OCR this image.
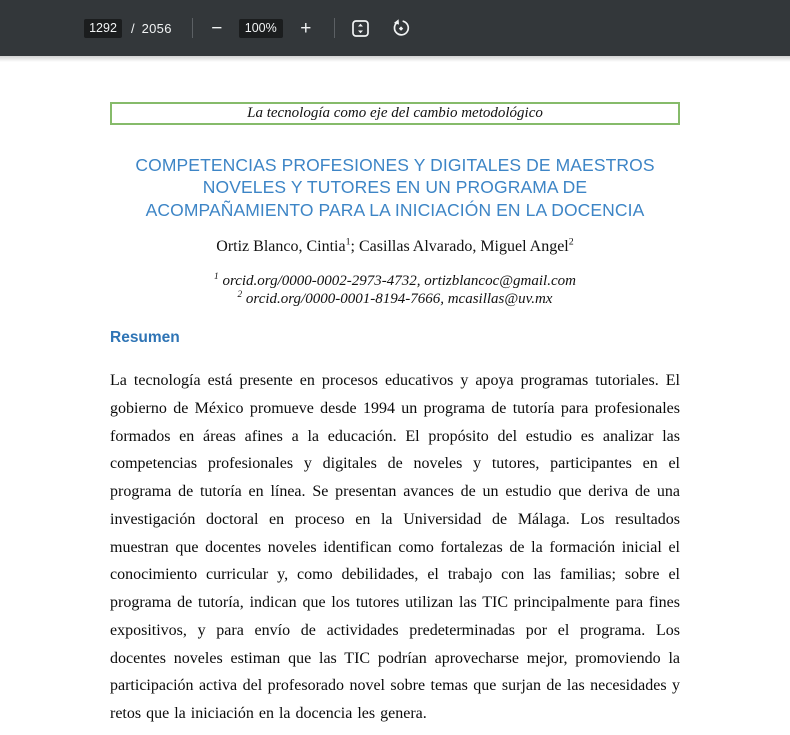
1292
/ 2056 −	100%	+
La tecnología como eje del cambio metodológico
COMPETENCIAS PROFESIONES Y DIGITALES DE MAESTROS
NOVELES Y TUTORES EN UN PROGRAMA DE
ACOMPAÑAMIENTO PARA LA INICIACIÓN EN LA DOCENCIA
Ortiz Blanco, Cintia$^1$; Casillas Alvarado, Miguel Angel$^2$
$^1$ orcid.org/0000-0002-2973-4732, ortizblancoc@gmail.com
$^2$ orcid.org/0000-0001-8194-7666, mcasillas@uv.mx
Resumen

La tecnología está presente en procesos educativos y apoya programas tutoriales. El gobierno de México promueve desde 1994 un programa de tutoría para profesionales formados en áreas afines a la educación. El propósito del estudio es analizar las competencias profesionales y digitales de noveles y tutores, participantes en el programa de tutoría en línea. Se presentan avances de un estudio que deriva de una investigación doctoral en proceso en la Universidad de Málaga. Los resultados muestran que docentes noveles identifican como fortalezas de la formación inicial el conocimiento curricular y, como debilidades, el trabajo con las familias; sobre el programa de tutoría, indican que los tutores utilizan las TIC principalmente para fines expositivos, y para envío de actividades predeterminadas por el programa. Los docentes noveles estiman que las TIC podrían aprovecharse mejor, promoviendo la participación activa del profesorado novel sobre temas que surjan de las necesidades y retos que la iniciación en la docencia les genera.
